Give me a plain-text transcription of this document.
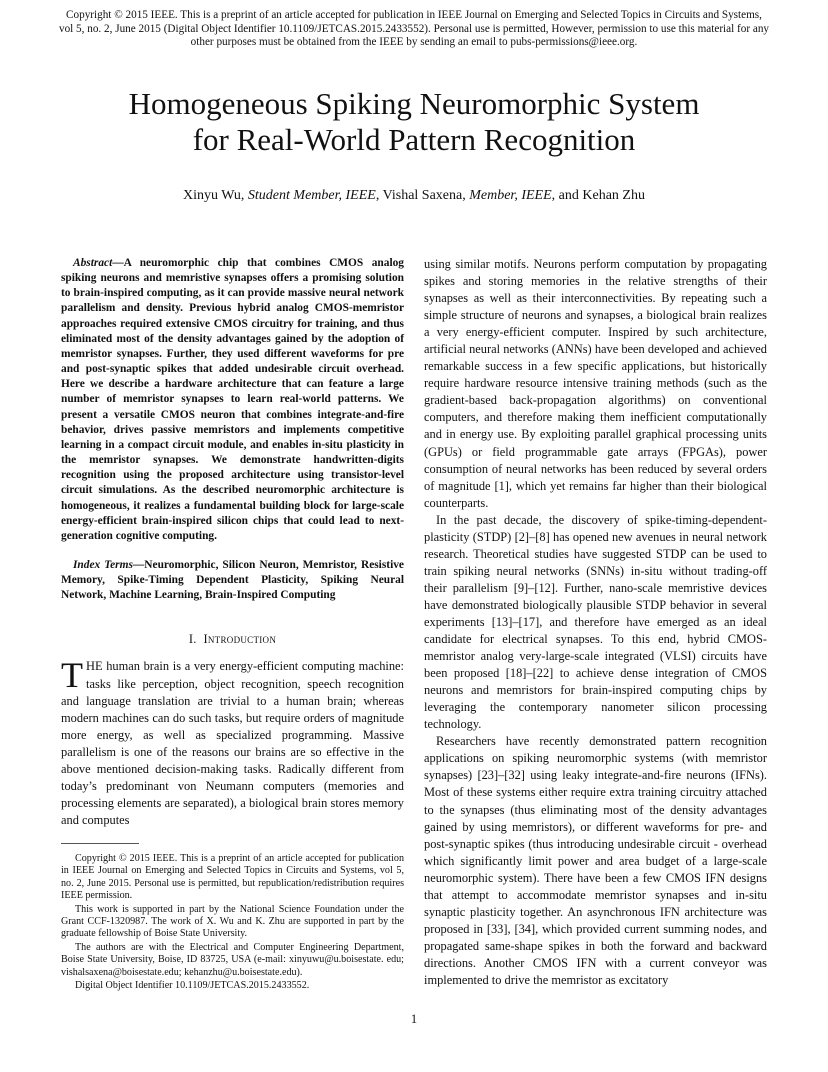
Copyright © 2015 IEEE. This is a preprint of an article accepted for publication in IEEE Journal on Emerging and Selected Topics in Circuits and Systems, vol 5, no. 2, June 2015 (Digital Object Identifier 10.1109/JETCAS.2015.2433552). Personal use is permitted, However, permission to use this material for any other purposes must be obtained from the IEEE by sending an email to pubs-permissions@ieee.org.
Homogeneous Spiking Neuromorphic System
for Real-World Pattern Recognition
Xinyu Wu, Student Member, IEEE, Vishal Saxena, Member, IEEE, and Kehan Zhu

Abstract—A neuromorphic chip that combines CMOS analog spiking neurons and memristive synapses offers a promising solution to brain-inspired computing, as it can provide massive neural network parallelism and density. Previous hybrid analog CMOS-memristor approaches required extensive CMOS circuitry for training, and thus eliminated most of the density advantages gained by the adoption of memristor synapses. Further, they used different waveforms for pre and post-synaptic spikes that added undesirable circuit overhead. Here we describe a hardware architecture that can feature a large number of memristor synapses to learn real-world patterns. We present a versatile CMOS neuron that combines integrate-and-fire behavior, drives passive memristors and implements competitive learning in a compact circuit module, and enables in-situ plasticity in the memristor synapses. We demonstrate handwritten-digits recognition using the proposed architecture using transistor-level circuit simulations. As the described neuromorphic architecture is homogeneous, it realizes a fundamental building block for large-scale energy-efficient brain-inspired silicon chips that could lead to next-generation cognitive computing.

Index Terms—Neuromorphic, Silicon Neuron, Memristor, Resistive Memory, Spike-Timing Dependent Plasticity, Spiking Neural Network, Machine Learning, Brain-Inspired Computing

I. Introduction

THE human brain is a very energy-efficient computing machine: tasks like perception, object recognition, speech recognition and language translation are trivial to a human brain; whereas modern machines can do such tasks, but require orders of magnitude more energy, as well as specialized programming. Massive parallelism is one of the reasons our brains are so effective in the above mentioned decision-making tasks. Radically different from today’s predominant von Neumann computers (memories and processing elements are separated), a biological brain stores memory and computes

Copyright © 2015 IEEE. This is a preprint of an article accepted for publication in IEEE Journal on Emerging and Selected Topics in Circuits and Systems, vol 5, no. 2, June 2015. Personal use is permitted, but republication/redistribution requires IEEE permission.

This work is supported in part by the National Science Foundation under the Grant CCF-1320987. The work of X. Wu and K. Zhu are supported in part by the graduate fellowship of Boise State University.

The authors are with the Electrical and Computer Engineering Department, Boise State University, Boise, ID 83725, USA (e-mail: xinyuwu@u.boisestate. edu; vishalsaxena@boisestate.edu; kehanzhu@u.boisestate.edu).

Digital Object Identifier 10.1109/JETCAS.2015.2433552.

using similar motifs. Neurons perform computation by propagating spikes and storing memories in the relative strengths of their synapses as well as their interconnectivities. By repeating such a simple structure of neurons and synapses, a biological brain realizes a very energy-efficient computer. Inspired by such architecture, artificial neural networks (ANNs) have been developed and achieved remarkable success in a few specific applications, but historically require hardware resource intensive training methods (such as the gradient-based back-propagation algorithms) on conventional computers, and therefore making them inefficient computationally and in energy use. By exploiting parallel graphical processing units (GPUs) or field programmable gate arrays (FPGAs), power consumption of neural networks has been reduced by several orders of magnitude [1], which yet remains far higher than their biological counterparts.

In the past decade, the discovery of spike-timing-dependent-plasticity (STDP) [2]–[8] has opened new avenues in neural network research. Theoretical studies have suggested STDP can be used to train spiking neural networks (SNNs) in-situ without trading-off their parallelism [9]–[12]. Further, nano-scale memristive devices have demonstrated biologically plausible STDP behavior in several experiments [13]–[17], and therefore have emerged as an ideal candidate for electrical synapses. To this end, hybrid CMOS-memristor analog very-large-scale integrated (VLSI) circuits have been proposed [18]–[22] to achieve dense integration of CMOS neurons and memristors for brain-inspired computing chips by leveraging the contemporary nanometer silicon processing technology.

Researchers have recently demonstrated pattern recognition applications on spiking neuromorphic systems (with memristor synapses) [23]–[32] using leaky integrate-and-fire neurons (IFNs). Most of these systems either require extra training circuitry attached to the synapses (thus eliminating most of the density advantages gained by using memristors), or different waveforms for pre- and post-synaptic spikes (thus introducing undesirable circuit - overhead which significantly limit power and area budget of a large-scale neuromorphic system). There have been a few CMOS IFN designs that attempt to accommodate memristor synapses and in-situ synaptic plasticity together. An asynchronous IFN architecture was proposed in [33], [34], which provided current summing nodes, and propagated same-shape spikes in both the forward and backward directions. Another CMOS IFN with a current conveyor was implemented to drive the memristor as excitatory

1
